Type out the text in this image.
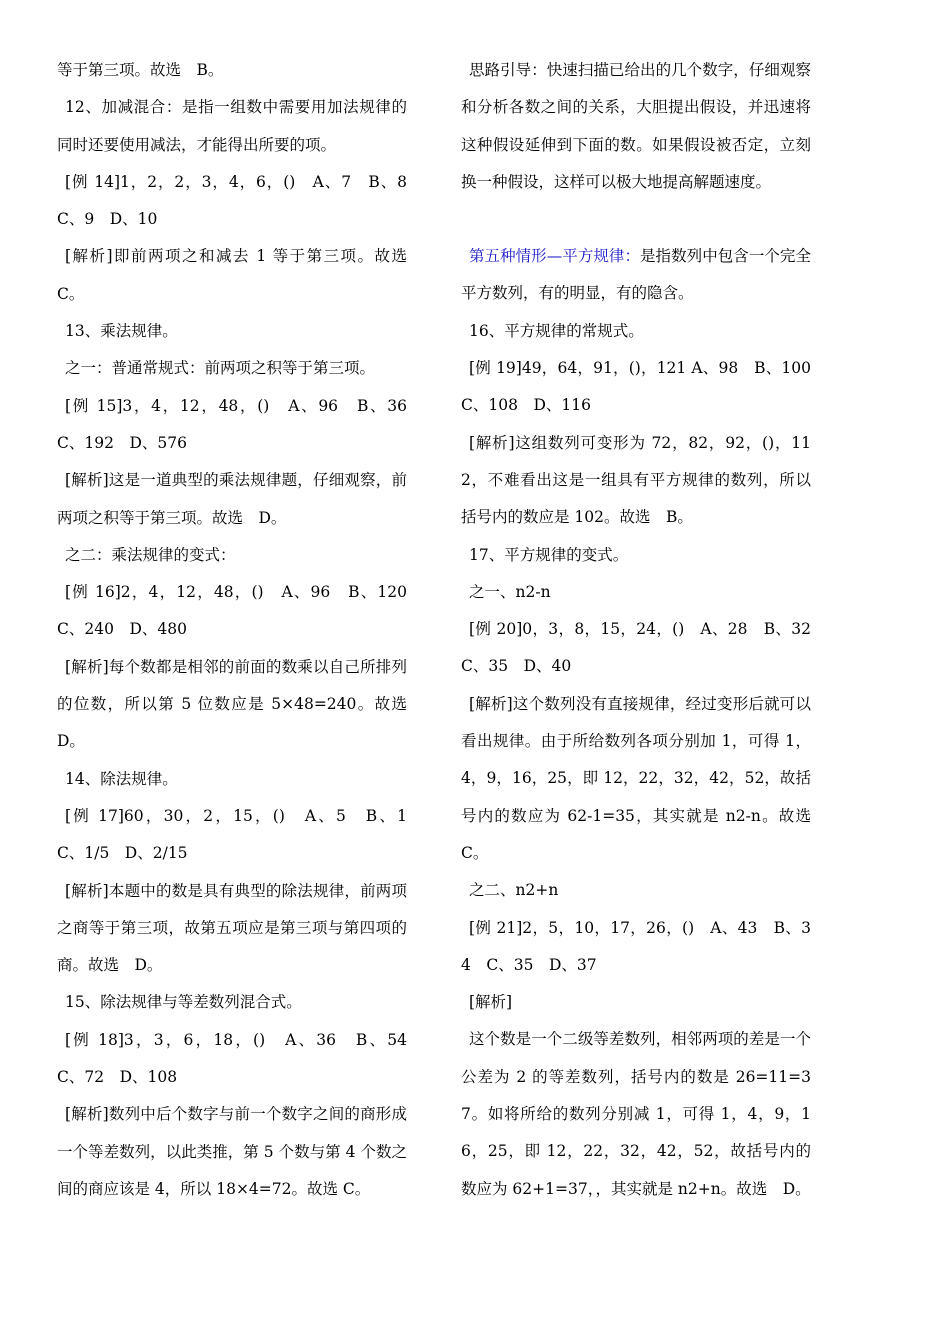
等于第三项。故选　B。

12、加减混合：是指一组数中需要用加法规律的同时还要使用减法，才能得出所要的项。

[例 14]1，2，2，3，4，6，()　A、7　B、8　C、9　D、10

[解析]即前两项之和减去 1 等于第三项。故选 C。

13、乘法规律。

之一：普通常规式：前两项之积等于第三项。

[例 15]3，4，12，48，()　A、96　B、36　C、192　D、576

[解析]这是一道典型的乘法规律题，仔细观察，前两项之积等于第三项。故选　D。

之二：乘法规律的变式：

[例 16]2，4，12，48，()　A、96　B、120　C、240　D、480

[解析]每个数都是相邻的前面的数乘以自己所排列的位数，所以第 5 位数应是 5×48=240。故选　D。

14、除法规律。

[例 17]60，30，2，15，()　A、5　B、1　C、1/5　D、2/15

[解析]本题中的数是具有典型的除法规律，前两项之商等于第三项，故第五项应是第三项与第四项的商。故选　D。

15、除法规律与等差数列混合式。

[例 18]3，3，6，18，()　A、36　B、54　C、72　D、108

[解析]数列中后个数字与前一个数字之间的商形成一个等差数列，以此类推，第 5 个数与第 4 个数之间的商应该是 4，所以 18×4=72。故选 C。

思路引导：快速扫描已给出的几个数字，仔细观察和分析各数之间的关系，大胆提出假设，并迅速将这种假设延伸到下面的数。如果假设被否定，立刻换一种假设，这样可以极大地提高解题速度。

第五种情形—平方规律：是指数列中包含一个完全平方数列，有的明显，有的隐含。

16、平方规律的常规式。

[例 19]49，64，91，()，121 A、98　B、100　C、108　D、116

[解析]这组数列可变形为 72，82，92，()，112，不难看出这是一组具有平方规律的数列，所以括号内的数应是 102。故选　B。

17、平方规律的变式。

之一、n2-n

[例 20]0，3，8，15，24，()　A、28　B、32　C、35　D、40

[解析]这个数列没有直接规律，经过变形后就可以看出规律。由于所给数列各项分别加 1，可得 1，4，9，16，25，即 12，22，32，42，52，故括号内的数应为 62-1=35，其实就是 n2-n。故选　C。

之二、n2+n

[例 21]2，5，10，17，26，()　A、43　B、34　C、35　D、37

[解析]

这个数是一个二级等差数列，相邻两项的差是一个公差为 2 的等差数列，括号内的数是 26=11=37。如将所给的数列分别减 1，可得 1，4，9，16，25，即 12，22，32，42，52，故括号内的数应为 62+1=37，，其实就是 n2+n。故选　D。
